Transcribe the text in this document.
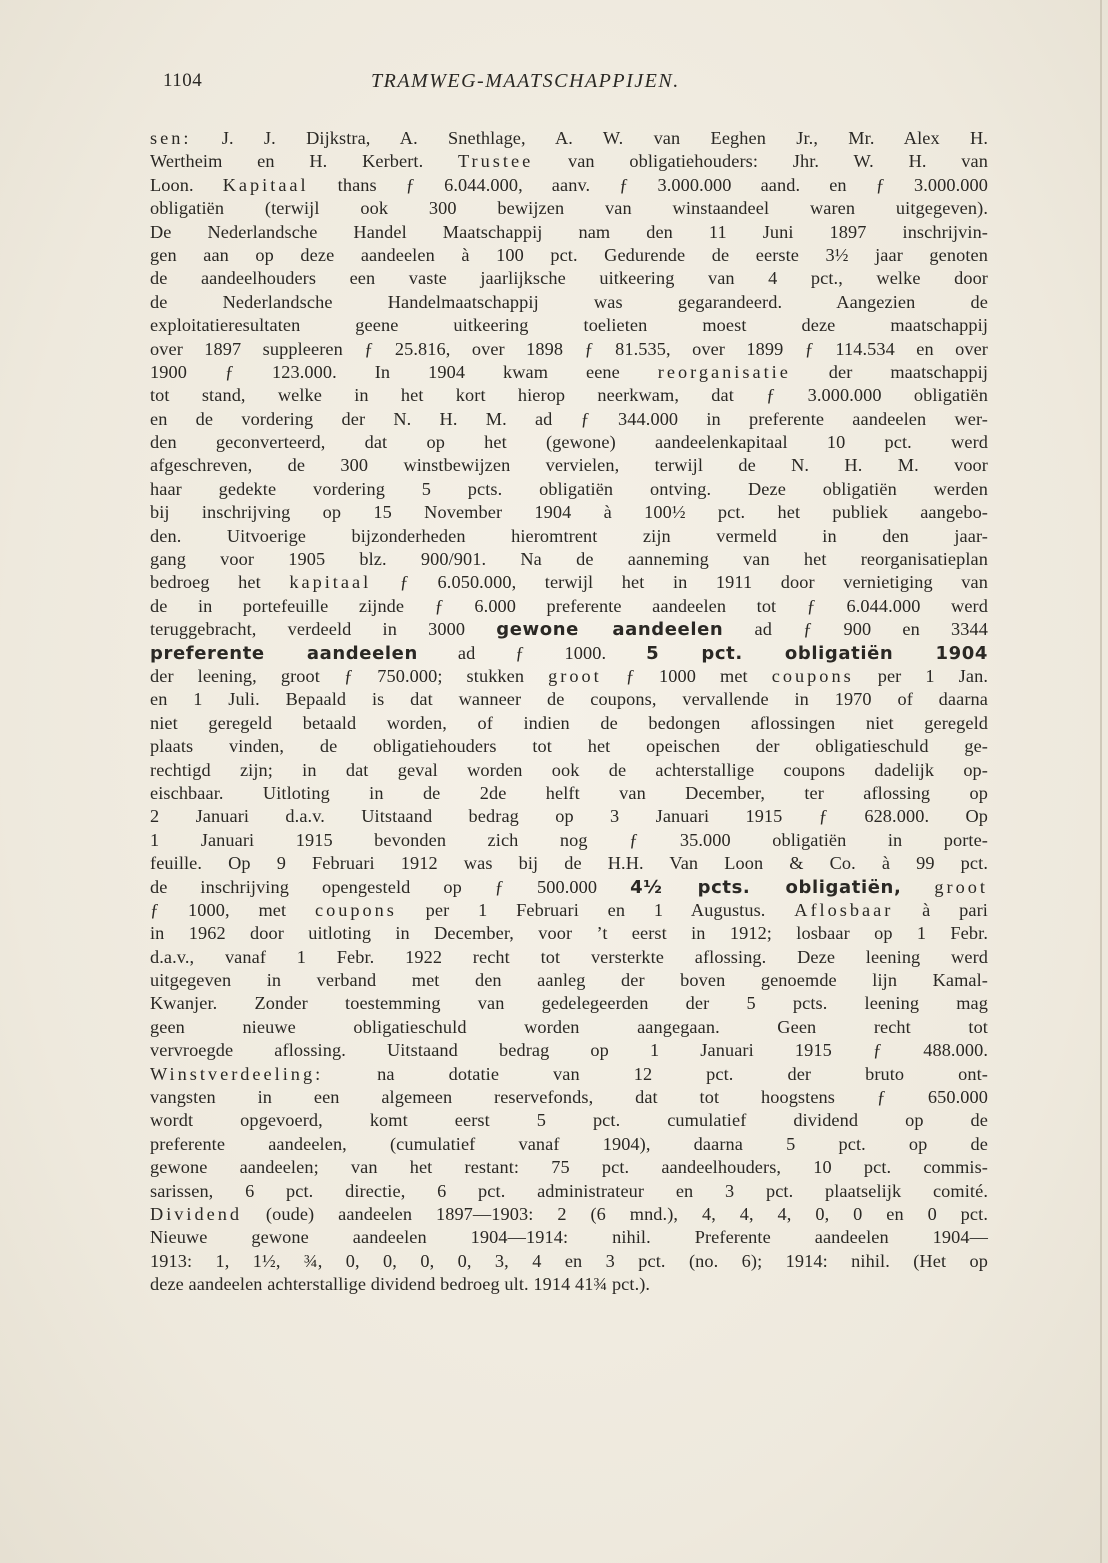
1104	TRAMWEG-MAATSCHAPPIJEN.
sen: J. J. Dijkstra, A. Snethlage, A. W. van Eeghen Jr., Mr. Alex H.
Wertheim en H. Kerbert. Trustee van obligatiehouders: Jhr. W. H. van
Loon. Kapitaal thans ƒ 6.044.000, aanv. ƒ 3.000.000 aand. en ƒ 3.000.000
obligatiën (terwijl ook 300 bewijzen van winstaandeel waren uitgegeven).
De Nederlandsche Handel Maatschappij nam den 11 Juni 1897 inschrijvin-
gen aan op deze aandeelen à 100 pct. Gedurende de eerste 3½ jaar genoten
de aandeelhouders een vaste jaarlijksche uitkeering van 4 pct., welke door
de Nederlandsche Handelmaatschappij was gegarandeerd. Aangezien de
exploitatieresultaten geene uitkeering toelieten moest deze maatschappij
over 1897 suppleeren ƒ 25.816, over 1898 ƒ 81.535, over 1899 ƒ 114.534 en over
1900 ƒ 123.000. In 1904 kwam eene reorganisatie der maatschappij
tot stand, welke in het kort hierop neerkwam, dat ƒ 3.000.000 obligatiën
en de vordering der N. H. M. ad ƒ 344.000 in preferente aandeelen wer-
den geconverteerd, dat op het (gewone) aandeelenkapitaal 10 pct. werd
afgeschreven, de 300 winstbewijzen vervielen, terwijl de N. H. M. voor
haar gedekte vordering 5 pcts. obligatiën ontving. Deze obligatiën werden
bij inschrijving op 15 November 1904 à 100½ pct. het publiek aangebo-
den. Uitvoerige bijzonderheden hieromtrent zijn vermeld in den jaar-
gang voor 1905 blz. 900/901. Na de aanneming van het reorganisatieplan
bedroeg het kapitaal ƒ 6.050.000, terwijl het in 1911 door vernietiging van
de in portefeuille zijnde ƒ 6.000 preferente aandeelen tot ƒ 6.044.000 werd
teruggebracht, verdeeld in 3000 gewone aandeelen ad ƒ 900 en 3344
preferente aandeelen ad ƒ 1000. 5 pct. obligatiën 1904
der leening, groot ƒ 750.000; stukken groot ƒ 1000 met coupons per 1 Jan.
en 1 Juli. Bepaald is dat wanneer de coupons, vervallende in 1970 of daarna
niet geregeld betaald worden, of indien de bedongen aflossingen niet geregeld
plaats vinden, de obligatiehouders tot het opeischen der obligatieschuld ge-
rechtigd zijn; in dat geval worden ook de achterstallige coupons dadelijk op-
eischbaar. Uitloting in de 2de helft van December, ter aflossing op
2 Januari d.a.v. Uitstaand bedrag op 3 Januari 1915 ƒ 628.000. Op
1 Januari 1915 bevonden zich nog ƒ 35.000 obligatiën in porte-
feuille. Op 9 Februari 1912 was bij de H.H. Van Loon & Co. à 99 pct.
de inschrijving opengesteld op ƒ 500.000 4½ pcts. obligatiën, groot
ƒ 1000, met coupons per 1 Februari en 1 Augustus. Aflosbaar à pari
in 1962 door uitloting in December, voor ’t eerst in 1912; losbaar op 1 Febr.
d.a.v., vanaf 1 Febr. 1922 recht tot versterkte aflossing. Deze leening werd
uitgegeven in verband met den aanleg der boven genoemde lijn Kamal-
Kwanjer. Zonder toestemming van gedelegeerden der 5 pcts. leening mag
geen nieuwe obligatieschuld worden aangegaan. Geen recht tot
vervroegde aflossing. Uitstaand bedrag op 1 Januari 1915 ƒ 488.000.
Winstverdeeling: na dotatie van 12 pct. der bruto ont-
vangsten in een algemeen reservefonds, dat tot hoogstens ƒ 650.000
wordt opgevoerd, komt eerst 5 pct. cumulatief dividend op de
preferente aandeelen, (cumulatief vanaf 1904), daarna 5 pct. op de
gewone aandeelen; van het restant: 75 pct. aandeelhouders, 10 pct. commis-
sarissen, 6 pct. directie, 6 pct. administrateur en 3 pct. plaatselijk comité.
Dividend (oude) aandeelen 1897—1903: 2 (6 mnd.), 4, 4, 4, 0, 0 en 0 pct.
Nieuwe gewone aandeelen 1904—1914: nihil. Preferente aandeelen 1904—
1913: 1, 1½, ¾, 0, 0, 0, 0, 3, 4 en 3 pct. (no. 6); 1914: nihil. (Het op
deze aandeelen achterstallige dividend bedroeg ult. 1914 41¾ pct.).
